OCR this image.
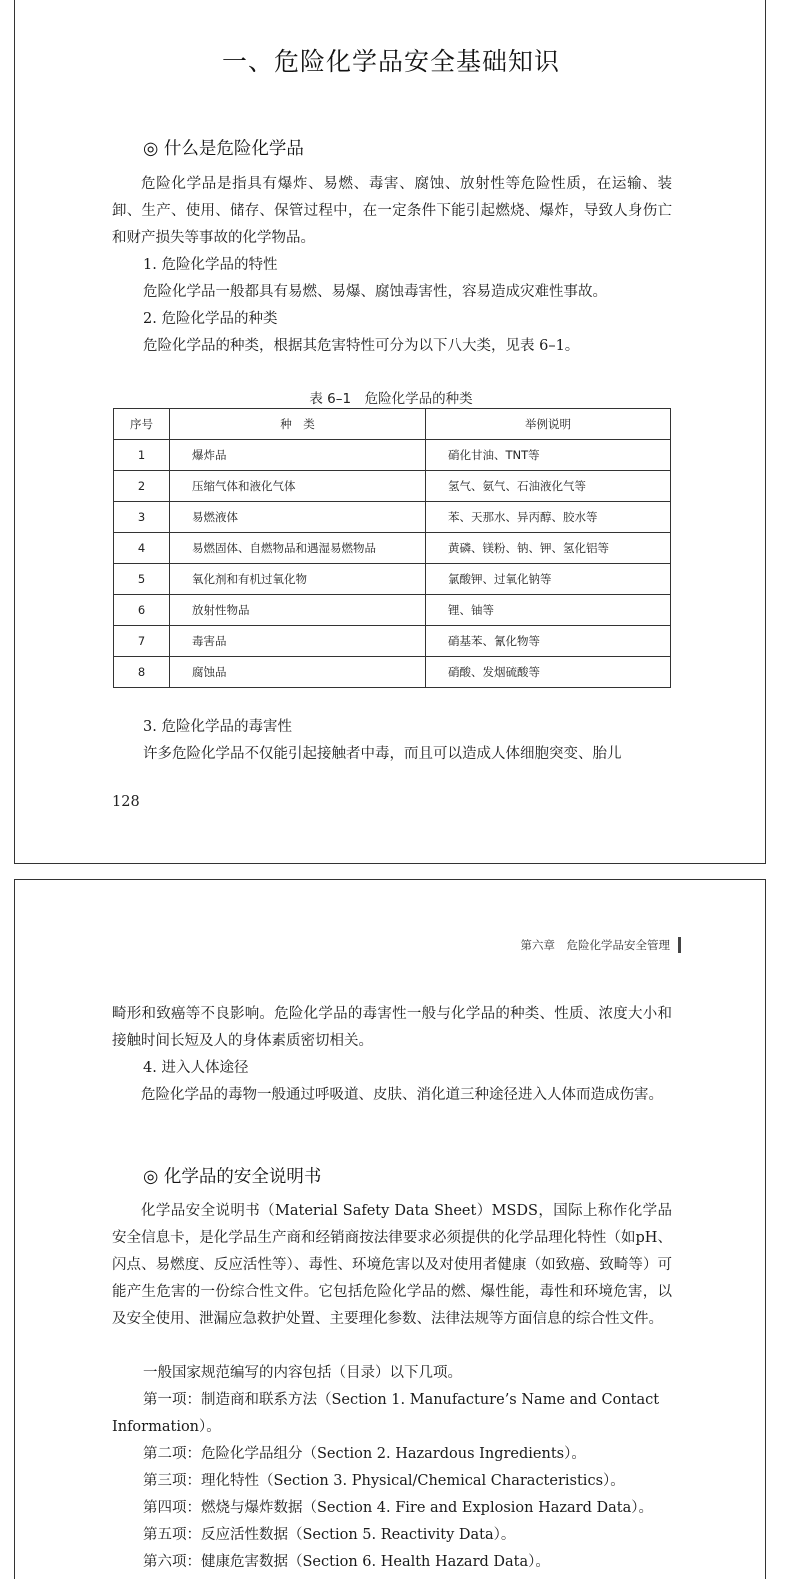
一、危险化学品安全基础知识
◎ 什么是危险化学品
危险化学品是指具有爆炸、易燃、毒害、腐蚀、放射性等危险性质，在运输、装卸、生产、使用、储存、保管过程中，在一定条件下能引起燃烧、爆炸，导致人身伤亡和财产损失等事故的化学物品。
1. 危险化学品的特性
危险化学品一般都具有易燃、易爆、腐蚀毒害性，容易造成灾难性事故。
2. 危险化学品的种类
危险化学品的种类，根据其危害特性可分为以下八大类，见表 6–1。
表 6–1　危险化学品的种类
序号	种　类	举例说明
1	爆炸品	硝化甘油、TNT等
2	压缩气体和液化气体	氢气、氨气、石油液化气等
3	易燃液体	苯、天那水、异丙醇、胶水等
4	易燃固体、自燃物品和遇湿易燃物品	黄磷、镁粉、钠、钾、氢化铝等
5	氧化剂和有机过氧化物	氯酸钾、过氧化钠等
6	放射性物品	锂、铀等
7	毒害品	硝基苯、氰化物等
8	腐蚀品	硝酸、发烟硫酸等
3. 危险化学品的毒害性
许多危险化学品不仅能引起接触者中毒，而且可以造成人体细胞突变、胎儿
128
第六章　危险化学品安全管理
畸形和致癌等不良影响。危险化学品的毒害性一般与化学品的种类、性质、浓度大小和接触时间长短及人的身体素质密切相关。
4. 进入人体途径
危险化学品的毒物一般通过呼吸道、皮肤、消化道三种途径进入人体而造成伤害。
◎ 化学品的安全说明书
化学品安全说明书（Material Safety Data Sheet）MSDS，国际上称作化学品安全信息卡，是化学品生产商和经销商按法律要求必须提供的化学品理化特性（如pH、闪点、易燃度、反应活性等）、毒性、环境危害以及对使用者健康（如致癌、致畸等）可能产生危害的一份综合性文件。它包括危险化学品的燃、爆性能，毒性和环境危害，以及安全使用、泄漏应急救护处置、主要理化参数、法律法规等方面信息的综合性文件。
一般国家规范编写的内容包括（目录）以下几项。
第一项：制造商和联系方法（Section 1. Manufacture’s Name and Contact
Information）。
第二项：危险化学品组分（Section 2. Hazardous Ingredients）。
第三项：理化特性（Section 3. Physical/Chemical Characteristics）。
第四项：燃烧与爆炸数据（Section 4. Fire and Explosion Hazard Data）。
第五项：反应活性数据（Section 5. Reactivity Data）。
第六项：健康危害数据（Section 6. Health Hazard Data）。
